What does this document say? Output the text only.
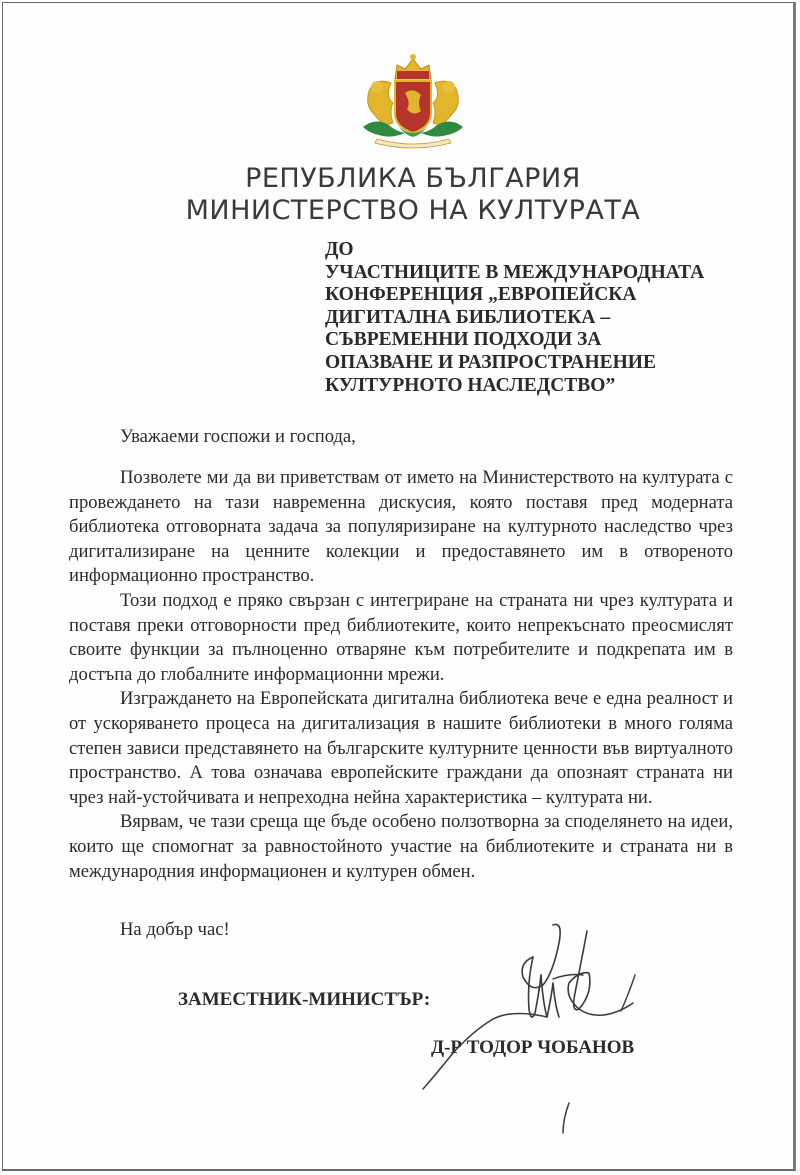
РЕПУБЛИКА БЪЛГАРИЯ
МИНИСТЕРСТВО НА КУЛТУРАТА
ДО
УЧАСТНИЦИТЕ В МЕЖДУНАРОДНАТА
КОНФЕРЕНЦИЯ „ЕВРОПЕЙСКА
ДИГИТАЛНА БИБЛИОТЕКА –
СЪВРЕМЕННИ ПОДХОДИ ЗА
ОПАЗВАНЕ И РАЗПРОСТРАНЕНИЕ
КУЛТУРНОТО НАСЛЕДСТВО”
Уважаеми госпожи и господа,

Позволете ми да ви приветствам от името на Министерството на културата с провеждането на тази навременна дискусия, която поставя пред модерната библиотека отговорната задача за популяризиране на културното наследство чрез дигитализиране на ценните колекции и предоставянето им в отвореното информационно пространство.

Този подход е пряко свързан с интегриране на страната ни чрез културата и поставя преки отговорности пред библиотеките, които непрекъснато преосмислят своите функции за пълноценно отваряне към потребителите и подкрепата им в достъпа до глобалните информационни мрежи.

Изграждането на Европейската дигитална библиотека вече е една реалност и от ускоряването процеса на дигитализация в нашите библиотеки в много голяма степен зависи представянето на българските културните ценности във виртуалното пространство. А това означава европейските граждани да опознаят страната ни чрез най-устойчивата и непреходна нейна характеристика – културата ни.

Вярвам, че тази среща ще бъде особено ползотворна за споделянето на идеи, които ще спомогнат за равностойното участие на библиотеките и страната ни в международния информационен и културен обмен.

На добър час!
ЗАМЕСТНИК-МИНИСТЪР:
Д-Р ТОДОР ЧОБАНОВ
